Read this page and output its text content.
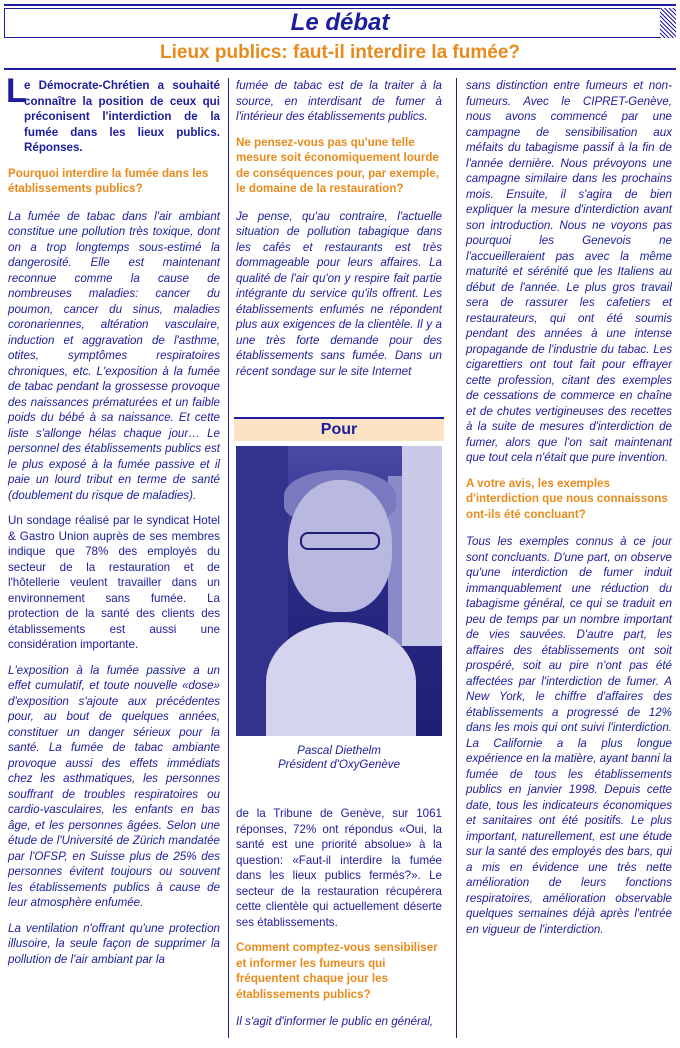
Le débat
Lieux publics: faut-il interdire la fumée?

L
e Démocrate-Chrétien a souhaité connaître la position de ceux qui préconisent l'interdiction de la fumée dans les lieux publics. Réponses.

Pourquoi interdire la fumée dans les établissements publics?

La fumée de tabac dans l'air ambiant constitue une pollution très toxique, dont on a trop longtemps sous-estimé la dangerosité. Elle est maintenant reconnue comme la cause de nombreuses maladies: cancer du poumon, cancer du sinus, maladies coronariennes, altération vasculaire, induction et aggravation de l'asthme, otites, symptômes respiratoires chroniques, etc. L'exposition à la fumée de tabac pendant la grossesse provoque des naissances prématurées et un faible poids du bébé à sa naissance. Et cette liste s'allonge hélas chaque jour… Le personnel des établissements publics est le plus exposé à la fumée passive et il paie un lourd tribut en terme de santé (doublement du risque de maladies).

Un sondage réalisé par le syndicat Hotel & Gastro Union auprès de ses membres indique que 78% des employés du secteur de la restauration et de l'hôtellerie veulent travailler dans un environnement sans fumée. La protection de la santé des clients des établissements est aussi une considération importante.

L'exposition à la fumée passive a un effet cumulatif, et toute nouvelle «dose» d'exposition s'ajoute aux précédentes pour, au bout de quelques années, constituer un danger sérieux pour la santé. La fumée de tabac ambiante provoque aussi des effets immédiats chez les asthmatiques, les personnes souffrant de troubles respiratoires ou cardio-vasculaires, les enfants en bas âge, et les personnes âgées. Selon une étude de l'Université de Zürich mandatée par l'OFSP, en Suisse plus de 25% des personnes évitent toujours ou souvent les établissements publics à cause de leur atmosphère enfumée.

La ventilation n'offrant qu'une protection illusoire, la seule façon de supprimer la pollution de l'air ambiant par la

fumée de tabac est de la traiter à la source, en interdisant de fumer à l'intérieur des établissements publics.

Ne pensez-vous pas qu'une telle mesure soit économiquement lourde de conséquences pour, par exemple, le domaine de la restauration?

Je pense, qu'au contraire, l'actuelle situation de pollution tabagique dans les cafés et restaurants est très dommageable pour leurs affaires. La qualité de l'air qu'on y respire fait partie intégrante du service qu'ils offrent. Les établissements enfumés ne répondent plus aux exigences de la clientèle. Il y a une très forte demande pour des établissements sans fumée. Dans un récent sondage sur le site Internet

Pour
Pascal Diethelm
Président d'OxyGenève

de la Tribune de Genève, sur 1061 réponses, 72% ont répondus «Oui, la santé est une priorité absolue» à la question: «Faut-il interdire la fumée dans les lieux publics fermés?». Le secteur de la restauration récupérera cette clientèle qui actuellement déserte ses établissements.

Comment comptez-vous sensibiliser et informer les fumeurs qui fréquentent chaque jour les établissements publics?

Il s'agit d'informer le public en général,

sans distinction entre fumeurs et non-fumeurs. Avec le CIPRET-Genève, nous avons commencé par une campagne de sensibilisation aux méfaits du tabagisme passif à la fin de l'année dernière. Nous prévoyons une campagne similaire dans les prochains mois. Ensuite, il s'agira de bien expliquer la mesure d'interdiction avant son introduction. Nous ne voyons pas pourquoi les Genevois ne l'accueilleraient pas avec la même maturité et sérénité que les Italiens au début de l'année. Le plus gros travail sera de rassurer les cafetiers et restaurateurs, qui ont été soumis pendant des années à une intense propagande de l'industrie du tabac. Les cigarettiers ont tout fait pour effrayer cette profession, citant des exemples de cessations de commerce en chaîne et de chutes vertigineuses des recettes à la suite de mesures d'interdiction de fumer, alors que l'on sait maintenant que tout cela n'était que pure invention.

A votre avis, les exemples d'interdiction que nous connaissons ont-ils été concluant?

Tous les exemples connus à ce jour sont concluants. D'une part, on observe qu'une interdiction de fumer induit immanquablement une réduction du tabagisme général, ce qui se traduit en peu de temps par un nombre important de vies sauvées. D'autre part, les affaires des établissements ont soit prospéré, soit au pire n'ont pas été affectées par l'interdiction de fumer. A New York, le chiffre d'affaires des établissements a progressé de 12% dans les mois qui ont suivi l'interdiction. La Californie a la plus longue expérience en la matière, ayant banni la fumée de tous les établissements publics en janvier 1998. Depuis cette date, tous les indicateurs économiques et sanitaires ont été positifs. Le plus important, naturellement, est une étude sur la santé des employés des bars, qui a mis en évidence une très nette amélioration de leurs fonctions respiratoires, amélioration observable quelques semaines déjà après l'entrée en vigueur de l'interdiction.
